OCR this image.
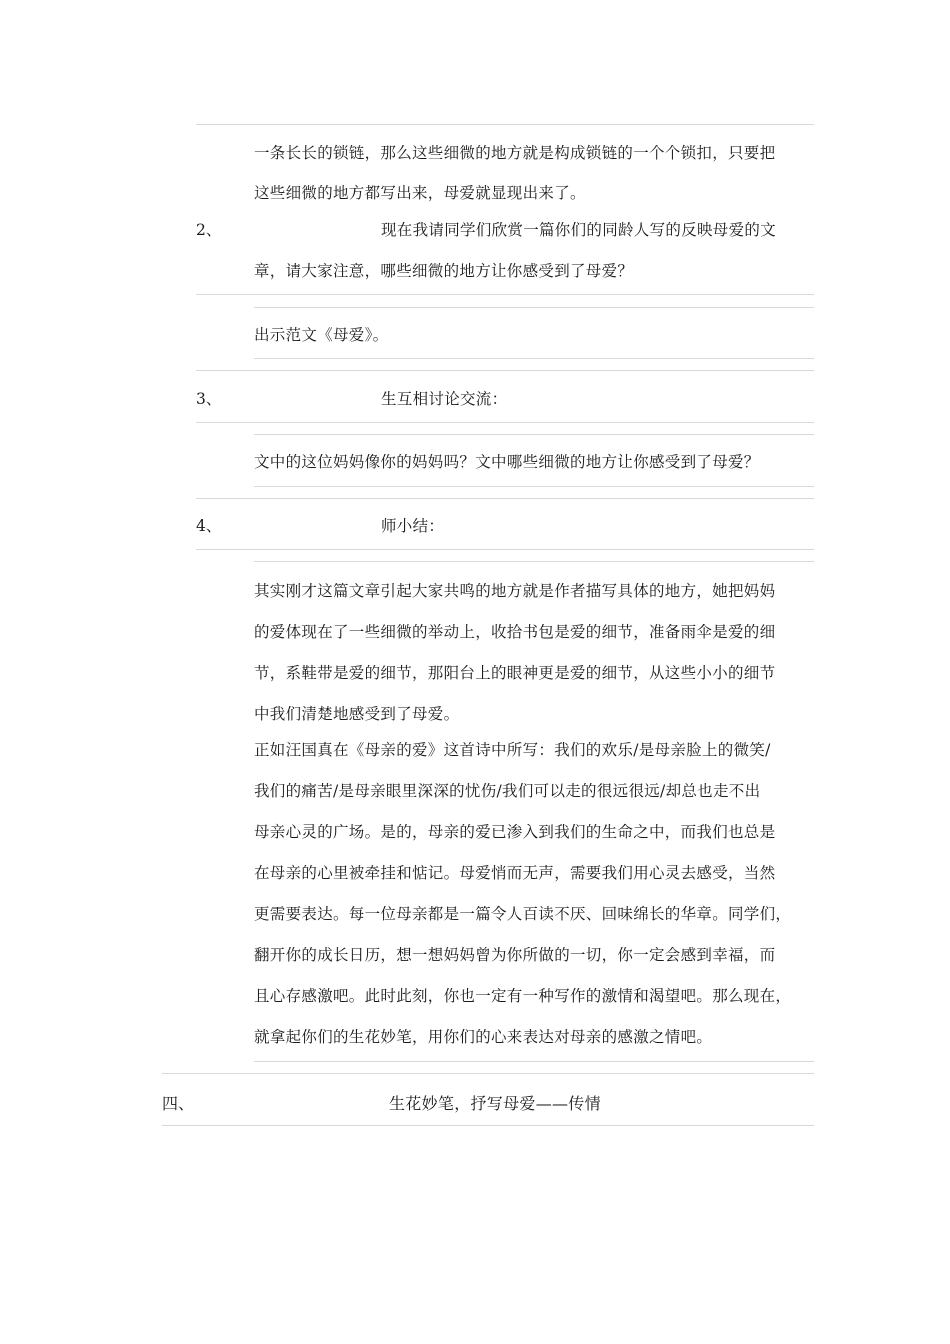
一条长长的锁链，那么这些细微的地方就是构成锁链的一个个锁扣，只要把
这些细微的地方都写出来，母爱就显现出来了。
2、	现在我请同学们欣赏一篇你们的同龄人写的反映母爱的文
章，请大家注意，哪些细微的地方让你感受到了母爱？
出示范文《母爱》。
3、	生互相讨论交流：
文中的这位妈妈像你的妈妈吗？文中哪些细微的地方让你感受到了母爱？
4、	师小结：
其实刚才这篇文章引起大家共鸣的地方就是作者描写具体的地方，她把妈妈
的爱体现在了一些细微的举动上，收拾书包是爱的细节，准备雨伞是爱的细
节，系鞋带是爱的细节，那阳台上的眼神更是爱的细节，从这些小小的细节
中我们清楚地感受到了母爱。
正如汪国真在《母亲的爱》这首诗中所写：我们的欢乐/是母亲脸上的微笑/
我们的痛苦/是母亲眼里深深的忧伤/我们可以走的很远很远/却总也走不出
母亲心灵的广场。是的，母亲的爱已渗入到我们的生命之中，而我们也总是
在母亲的心里被牵挂和惦记。母爱悄而无声，需要我们用心灵去感受，当然
更需要表达。每一位母亲都是一篇令人百读不厌、回味绵长的华章。同学们，
翻开你的成长日历，想一想妈妈曾为你所做的一切，你一定会感到幸福，而
且心存感激吧。此时此刻，你也一定有一种写作的激情和渴望吧。那么现在，
就拿起你们的生花妙笔，用你们的心来表达对母亲的感激之情吧。
四、	生花妙笔，抒写母爱——传情
